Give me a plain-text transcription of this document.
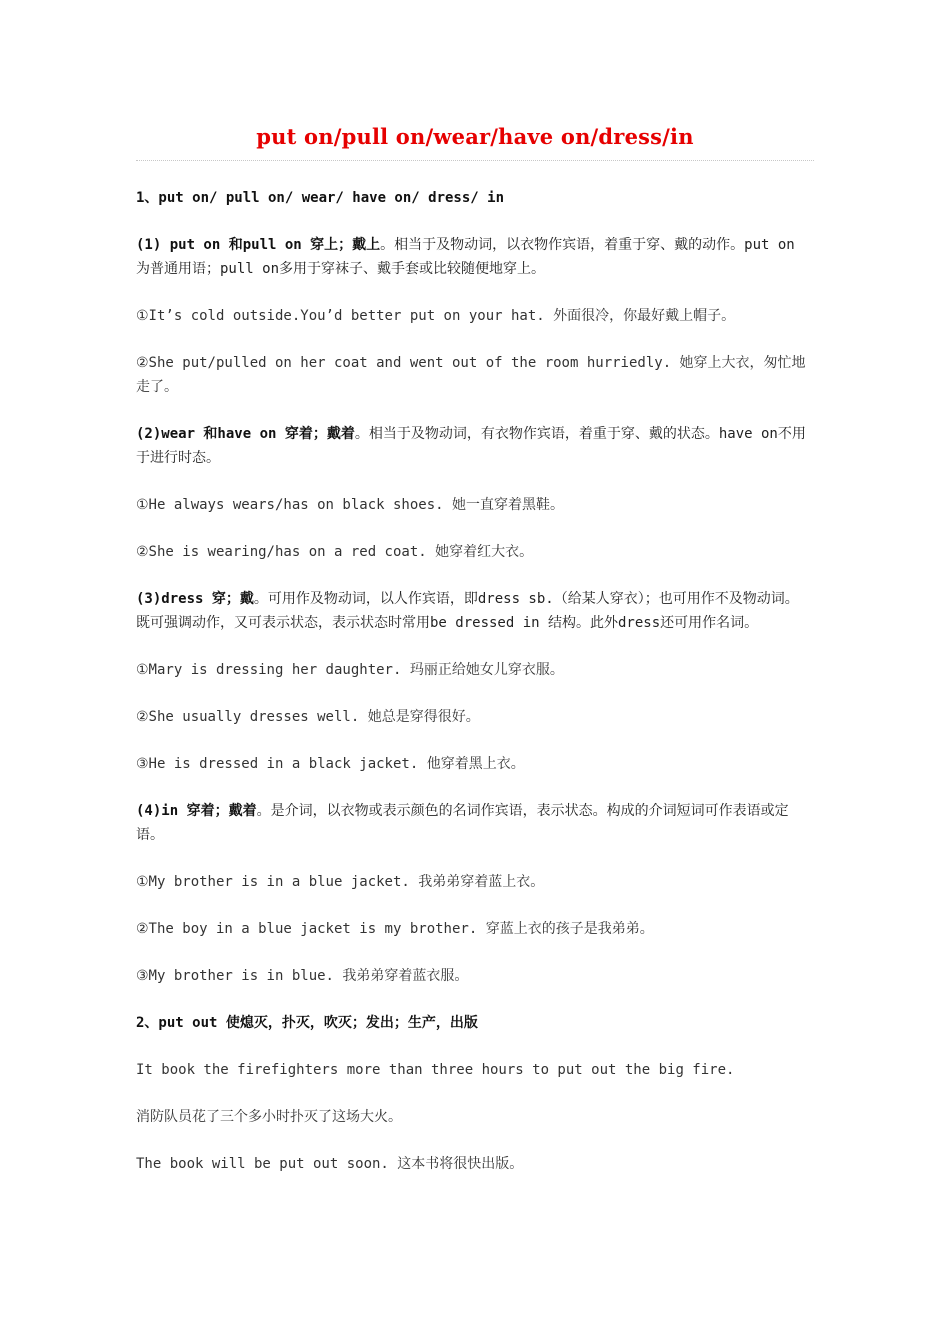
put on/pull on/wear/have on/dress/in

1、put on/ pull on/ wear/ have on/ dress/ in

(1) put on 和pull on 穿上；戴上。相当于及物动词，以衣物作宾语，着重于穿、戴的动作。put on 为普通用语；pull on多用于穿袜子、戴手套或比较随便地穿上。

①It’s cold outside.You’d better put on your hat. 外面很冷，你最好戴上帽子。

②She put/pulled on her coat and went out of the room hurriedly. 她穿上大衣，匆忙地走了。

(2)wear 和have on 穿着；戴着。相当于及物动词，有衣物作宾语，着重于穿、戴的状态。have on不用于进行时态。

①He always wears/has on black shoes. 她一直穿着黑鞋。

②She is wearing/has on a red coat. 她穿着红大衣。

(3)dress 穿；戴。可用作及物动词，以人作宾语，即dress sb.（给某人穿衣）；也可用作不及物动词。既可强调动作，又可表示状态，表示状态时常用be dressed in 结构。此外dress还可用作名词。

①Mary is dressing her daughter. 玛丽正给她女儿穿衣服。

②She usually dresses well. 她总是穿得很好。

③He is dressed in a black jacket. 他穿着黑上衣。

(4)in 穿着；戴着。是介词，以衣物或表示颜色的名词作宾语，表示状态。构成的介词短词可作表语或定语。

①My brother is in a blue jacket. 我弟弟穿着蓝上衣。

②The boy in a blue jacket is my brother. 穿蓝上衣的孩子是我弟弟。

③My brother is in blue. 我弟弟穿着蓝衣服。

2、put out 使熄灭，扑灭，吹灭；发出；生产，出版

It book the firefighters more than three hours to put out the big fire.

消防队员花了三个多小时扑灭了这场大火。

The book will be put out soon. 这本书将很快出版。
